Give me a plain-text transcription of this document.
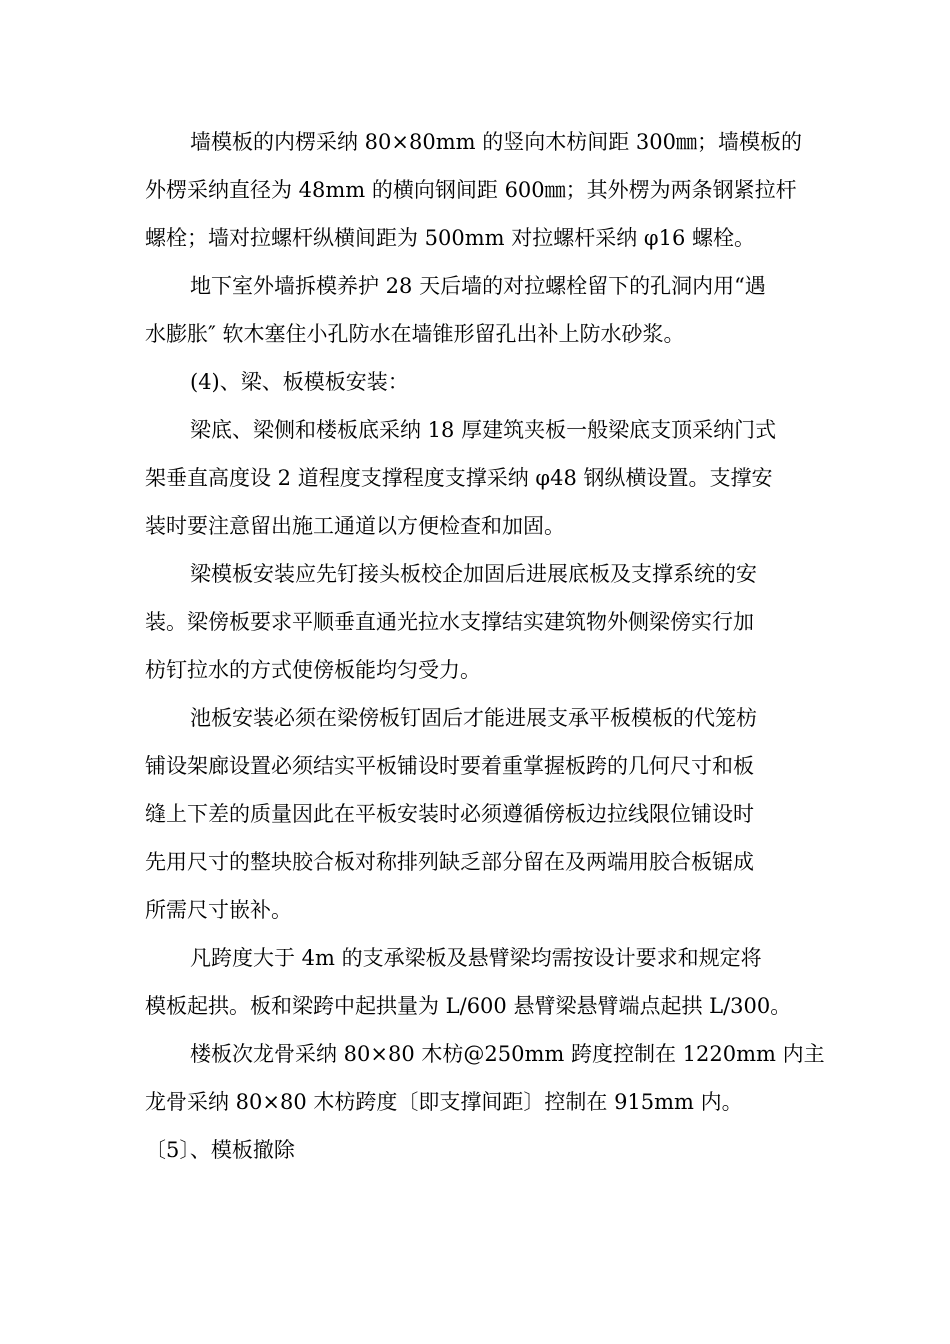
墙模板的内楞采纳 80×80mm 的竖向木枋间距 300㎜；墙模板的
外楞采纳直径为 48mm 的横向钢间距 600㎜；其外楞为两条钢紧拉杆
螺栓；墙对拉螺杆纵横间距为 500mm 对拉螺杆采纳 φ16 螺栓。

地下室外墙拆模养护 28 天后墙的对拉螺栓留下的孔洞内用“遇
水膨胀″ 软木塞住小孔防水在墙锥形留孔出补上防水砂浆。

(4)、梁、板模板安装：

梁底、梁侧和楼板底采纳 18 厚建筑夹板一般梁底支顶采纳门式
架垂直高度设 2 道程度支撑程度支撑采纳 φ48 钢纵横设置。支撑安
装时要注意留出施工通道以方便检查和加固。

梁模板安装应先钉接头板校企加固后进展底板及支撑系统的安
装。梁傍板要求平顺垂直通光拉水支撑结实建筑物外侧梁傍实行加
枋钉拉水的方式使傍板能均匀受力。

池板安装必须在梁傍板钉固后才能进展支承平板模板的代笼枋
铺设架廊设置必须结实平板铺设时要着重掌握板跨的几何尺寸和板
缝上下差的质量因此在平板安装时必须遵循傍板边拉线限位铺设时
先用尺寸的整块胶合板对称排列缺乏部分留在及两端用胶合板锯成
所需尺寸嵌补。

凡跨度大于 4m 的支承梁板及悬臂梁均需按设计要求和规定将
模板起拱。板和梁跨中起拱量为 L/600 悬臂梁悬臂端点起拱 L/300。

楼板次龙骨采纳 80×80 木枋@250mm 跨度控制在 1220mm 内主
龙骨采纳 80×80 木枋跨度〔即支撑间距〕控制在 915mm 内。

〔5〕、模板撤除
